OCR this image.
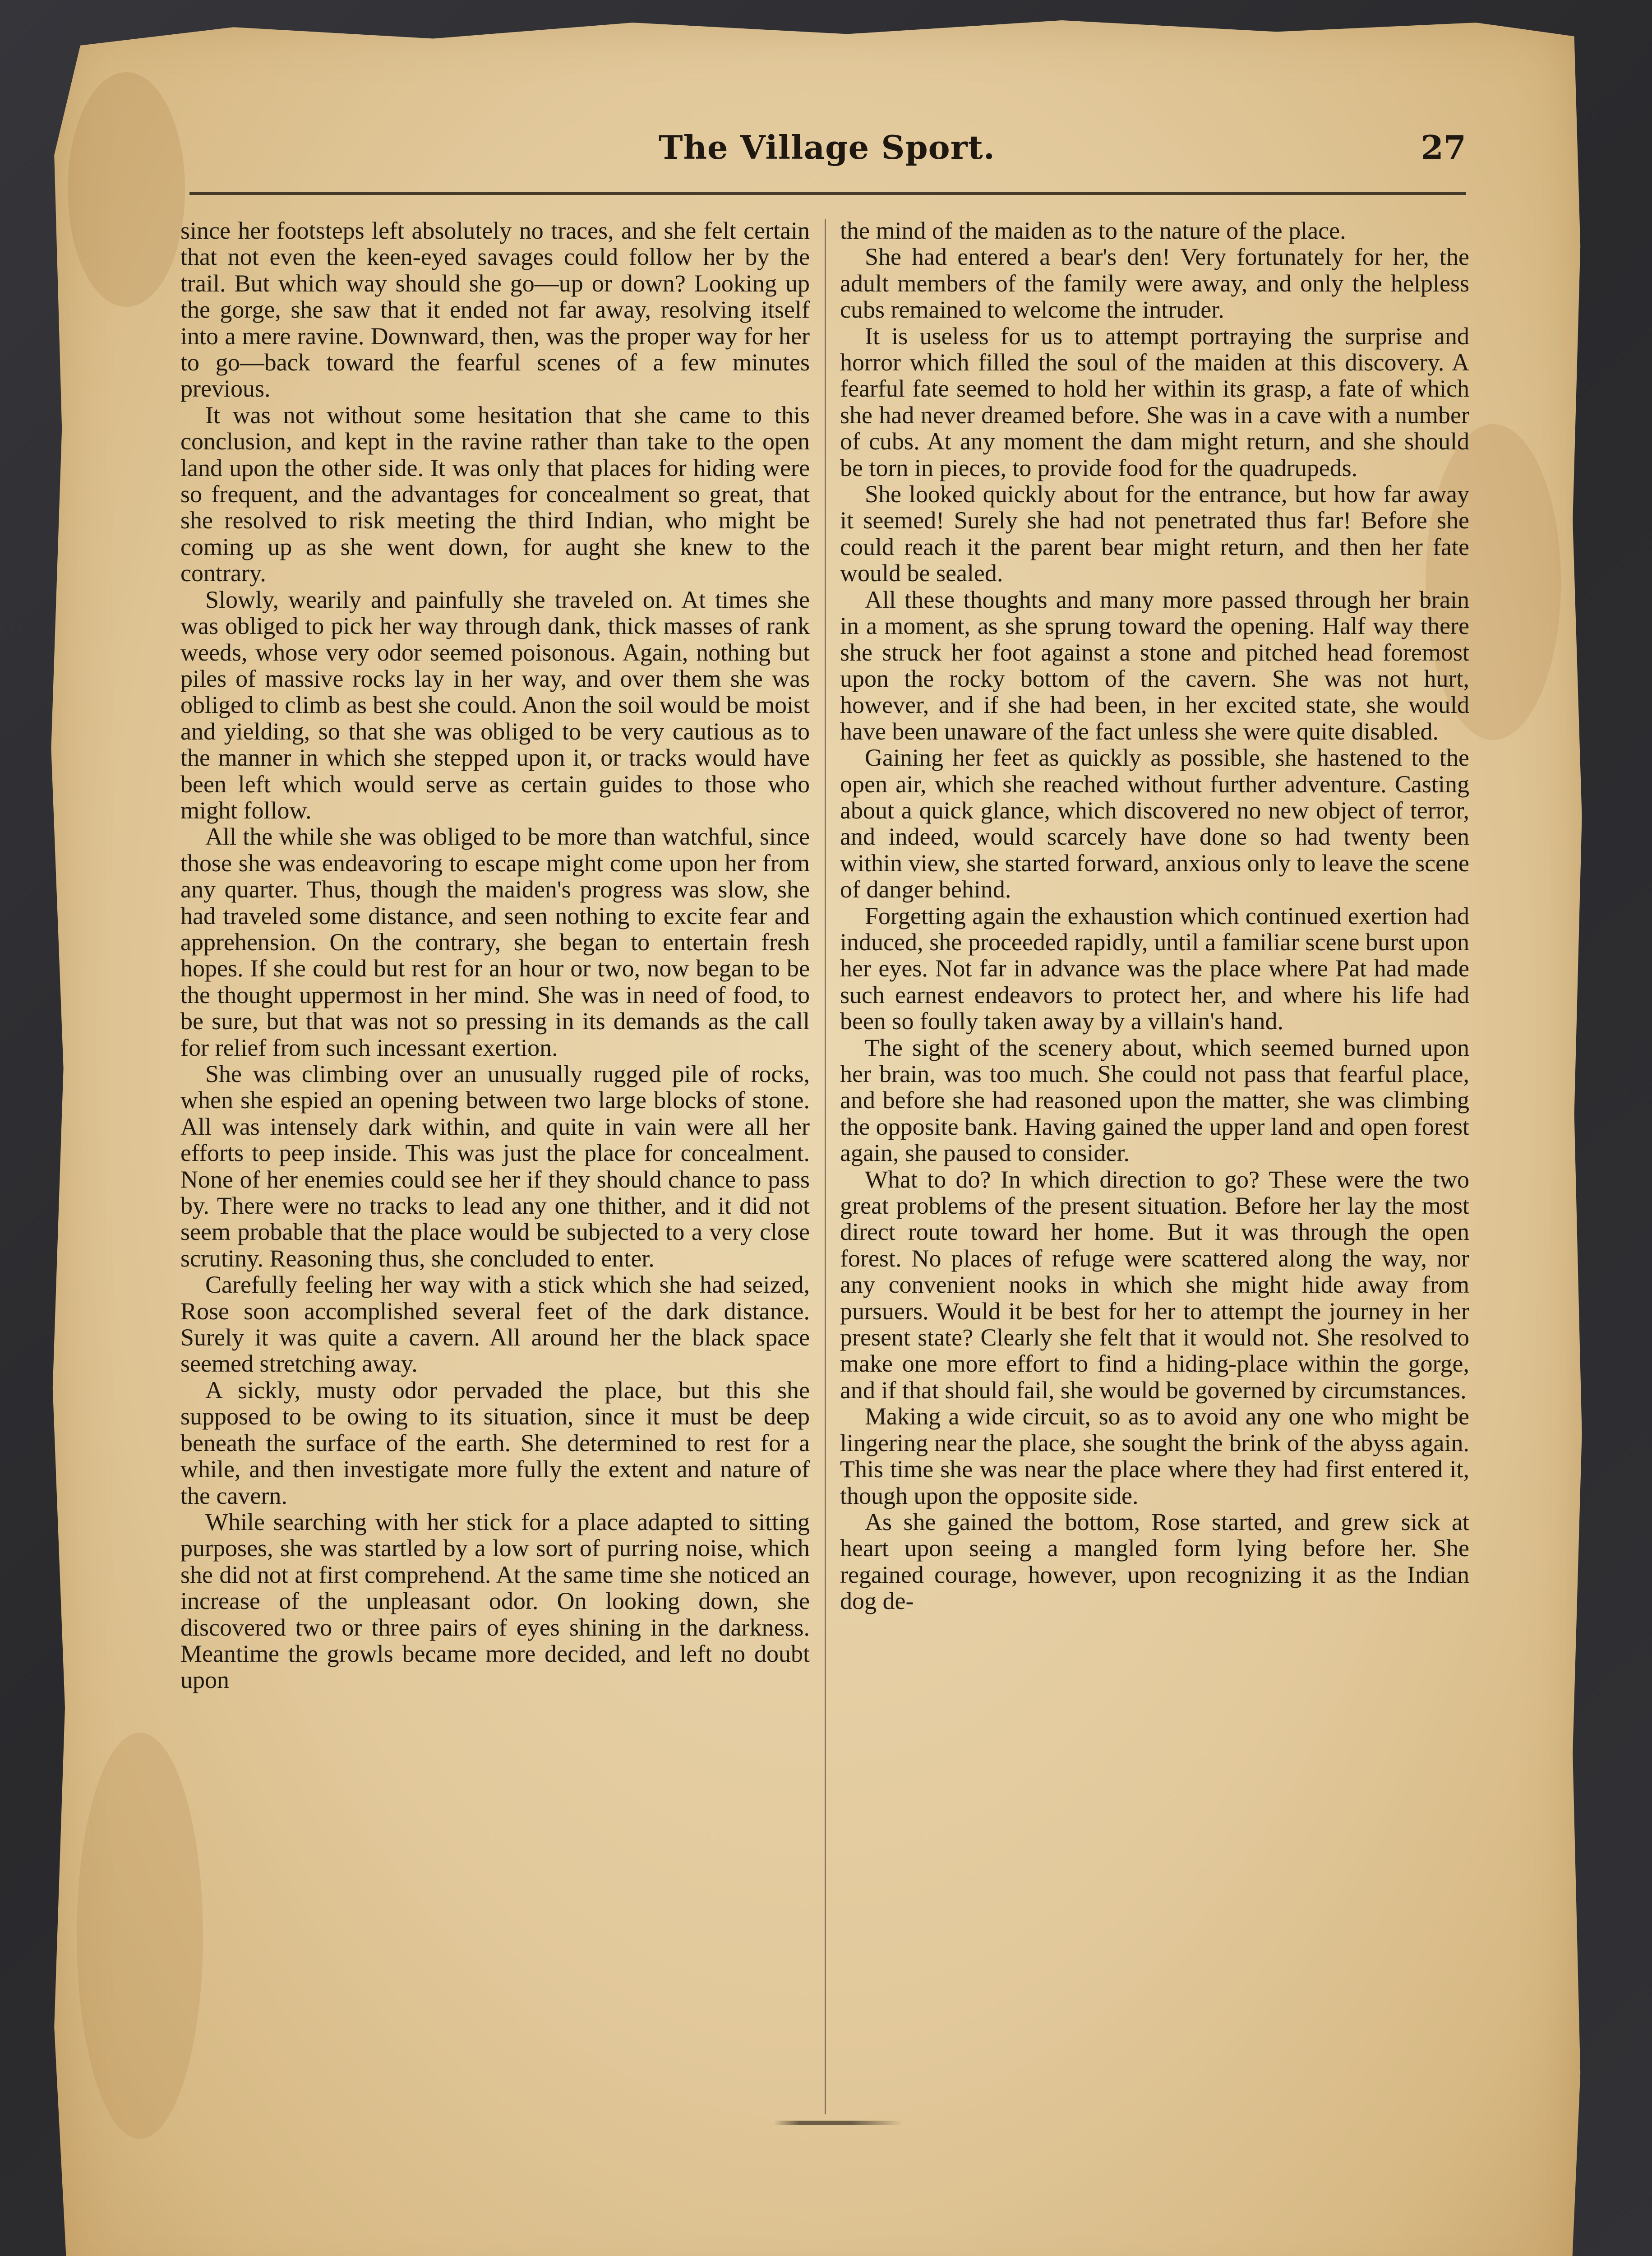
The Village Sport.	27

since her footsteps left absolutely no traces, and she felt certain that not even the keen-eyed savages could follow her by the trail. But which way should she go—up or down? Looking up the gorge, she saw that it ended not far away, resolving itself into a mere ravine. Downward, then, was the proper way for her to go—back toward the fearful scenes of a few minutes previous.

It was not without some hesitation that she came to this conclusion, and kept in the ravine rather than take to the open land upon the other side. It was only that places for hiding were so frequent, and the advantages for concealment so great, that she resolved to risk meeting the third Indian, who might be coming up as she went down, for aught she knew to the contrary.

Slowly, wearily and painfully she traveled on. At times she was obliged to pick her way through dank, thick masses of rank weeds, whose very odor seemed poisonous. Again, nothing but piles of massive rocks lay in her way, and over them she was obliged to climb as best she could. Anon the soil would be moist and yielding, so that she was obliged to be very cautious as to the manner in which she stepped upon it, or tracks would have been left which would serve as certain guides to those who might follow.

All the while she was obliged to be more than watchful, since those she was endeavoring to escape might come upon her from any quarter. Thus, though the maiden's progress was slow, she had traveled some distance, and seen nothing to excite fear and apprehension. On the contrary, she began to entertain fresh hopes. If she could but rest for an hour or two, now began to be the thought uppermost in her mind. She was in need of food, to be sure, but that was not so pressing in its demands as the call for relief from such incessant exertion.

She was climbing over an unusually rugged pile of rocks, when she espied an opening between two large blocks of stone. All was intensely dark within, and quite in vain were all her efforts to peep inside. This was just the place for concealment. None of her enemies could see her if they should chance to pass by. There were no tracks to lead any one thither, and it did not seem probable that the place would be subjected to a very close scrutiny. Reasoning thus, she concluded to enter.

Carefully feeling her way with a stick which she had seized, Rose soon accomplished several feet of the dark distance. Surely it was quite a cavern. All around her the black space seemed stretching away.

A sickly, musty odor pervaded the place, but this she supposed to be owing to its situation, since it must be deep beneath the surface of the earth. She determined to rest for a while, and then investigate more fully the extent and nature of the cavern.

While searching with her stick for a place adapted to sitting purposes, she was startled by a low sort of purring noise, which she did not at first comprehend. At the same time she noticed an increase of the unpleasant odor. On looking down, she discovered two or three pairs of eyes shining in the darkness. Meantime the growls became more decided, and left no doubt upon

the mind of the maiden as to the nature of the place.

She had entered a bear's den! Very fortunately for her, the adult members of the family were away, and only the helpless cubs remained to welcome the intruder.

It is useless for us to attempt portraying the surprise and horror which filled the soul of the maiden at this discovery. A fearful fate seemed to hold her within its grasp, a fate of which she had never dreamed before. She was in a cave with a number of cubs. At any moment the dam might return, and she should be torn in pieces, to provide food for the quadrupeds.

She looked quickly about for the entrance, but how far away it seemed! Surely she had not penetrated thus far! Before she could reach it the parent bear might return, and then her fate would be sealed.

All these thoughts and many more passed through her brain in a moment, as she sprung toward the opening. Half way there she struck her foot against a stone and pitched head foremost upon the rocky bottom of the cavern. She was not hurt, however, and if she had been, in her excited state, she would have been unaware of the fact unless she were quite disabled.

Gaining her feet as quickly as possible, she hastened to the open air, which she reached without further adventure. Casting about a quick glance, which discovered no new object of terror, and indeed, would scarcely have done so had twenty been within view, she started forward, anxious only to leave the scene of danger behind.

Forgetting again the exhaustion which continued exertion had induced, she proceeded rapidly, until a familiar scene burst upon her eyes. Not far in advance was the place where Pat had made such earnest endeavors to protect her, and where his life had been so foully taken away by a villain's hand.

The sight of the scenery about, which seemed burned upon her brain, was too much. She could not pass that fearful place, and before she had reasoned upon the matter, she was climbing the opposite bank. Having gained the upper land and open forest again, she paused to consider.

What to do? In which direction to go? These were the two great problems of the present situation. Before her lay the most direct route toward her home. But it was through the open forest. No places of refuge were scattered along the way, nor any convenient nooks in which she might hide away from pursuers. Would it be best for her to attempt the journey in her present state? Clearly she felt that it would not. She resolved to make one more effort to find a hiding-place within the gorge, and if that should fail, she would be governed by circumstances.

Making a wide circuit, so as to avoid any one who might be lingering near the place, she sought the brink of the abyss again. This time she was near the place where they had first entered it, though upon the opposite side.

As she gained the bottom, Rose started, and grew sick at heart upon seeing a mangled form lying before her. She regained courage, however, upon recognizing it as the Indian dog de-
